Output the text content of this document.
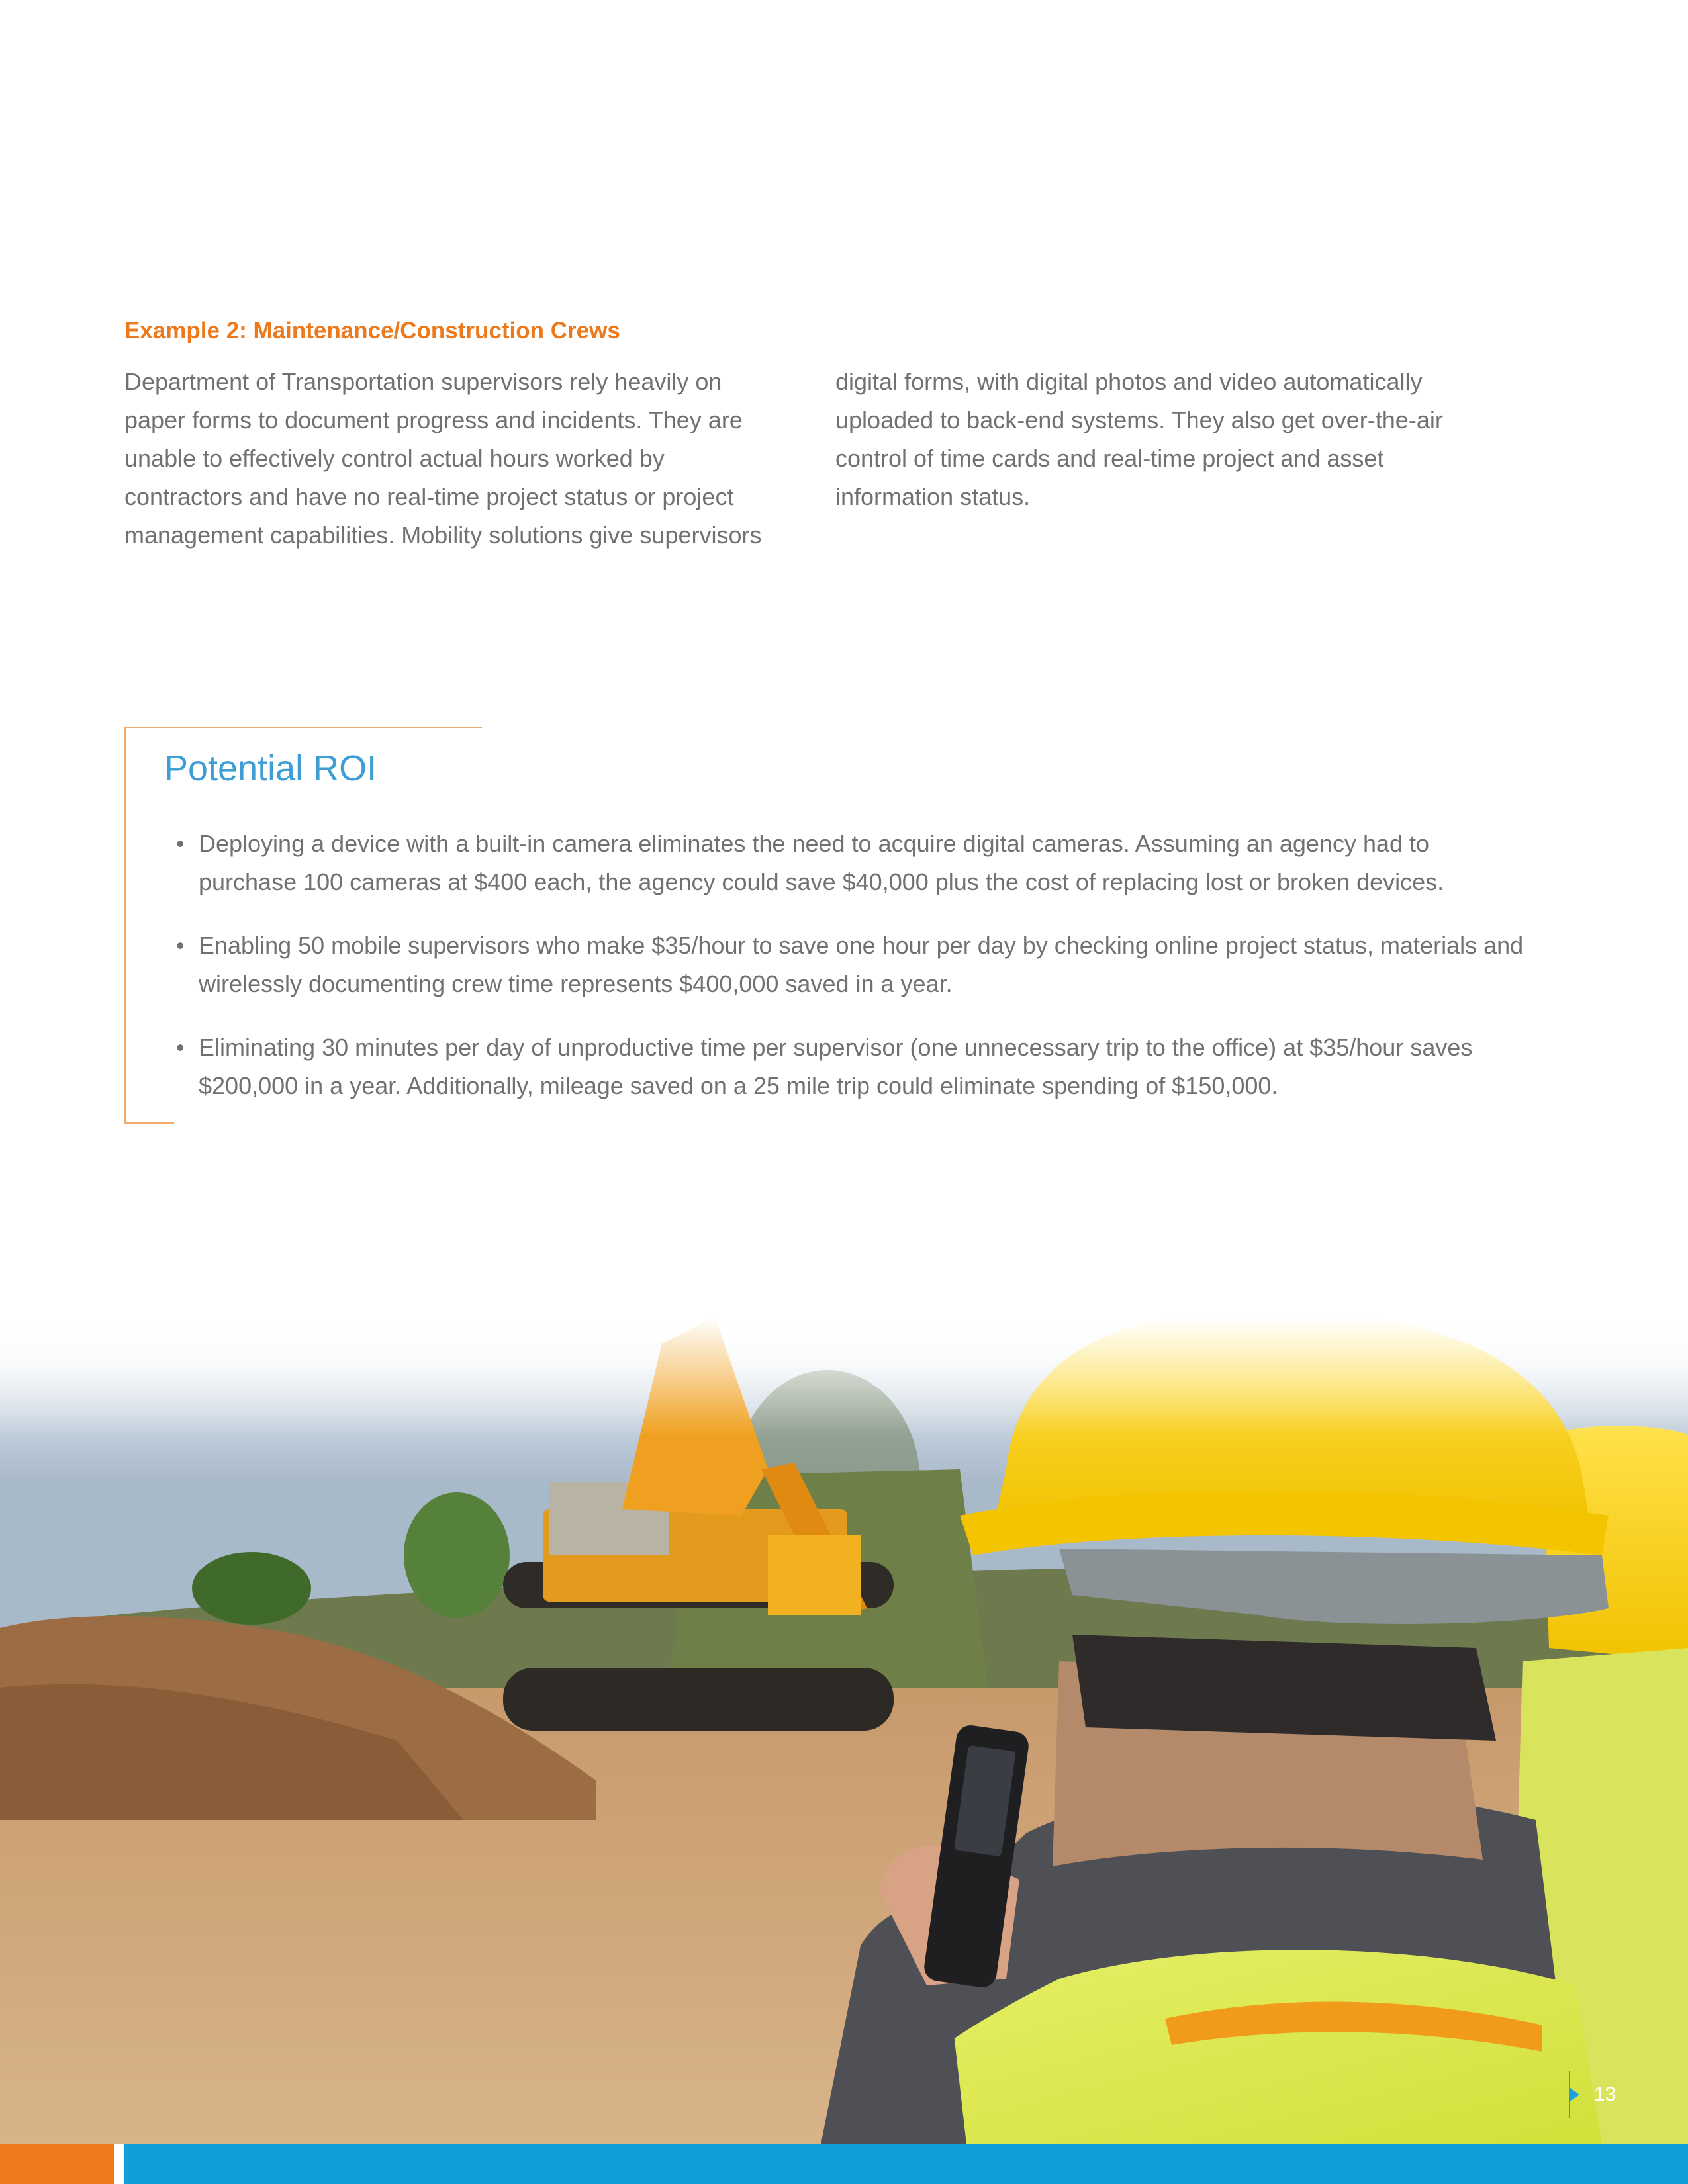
Example 2: Maintenance/Construction Crews

Department of Transportation supervisors rely heavily on paper forms to document progress and incidents. They are unable to effectively control actual hours worked by contractors and have no real-time project status or project management capabilities. Mobility solutions give supervisors

digital forms, with digital photos and video automatically uploaded to back-end systems. They also get over-the-air control of time cards and real-time project and asset information status.

Potential ROI
• Deploying a device with a built-in camera eliminates the need to acquire digital cameras. Assuming an agency had to purchase 100 cameras at $400 each, the agency could save $40,000 plus the cost of replacing lost or broken devices.
• Enabling 50 mobile supervisors who make $35/hour to save one hour per day by checking online project status, materials and wirelessly documenting crew time represents $400,000 saved in a year.
• Eliminating 30 minutes per day of unproductive time per supervisor (one unnecessary trip to the office) at $35/hour saves $200,000 in a year. Additionally, mileage saved on a 25 mile trip could eliminate spending of $150,000.
13
